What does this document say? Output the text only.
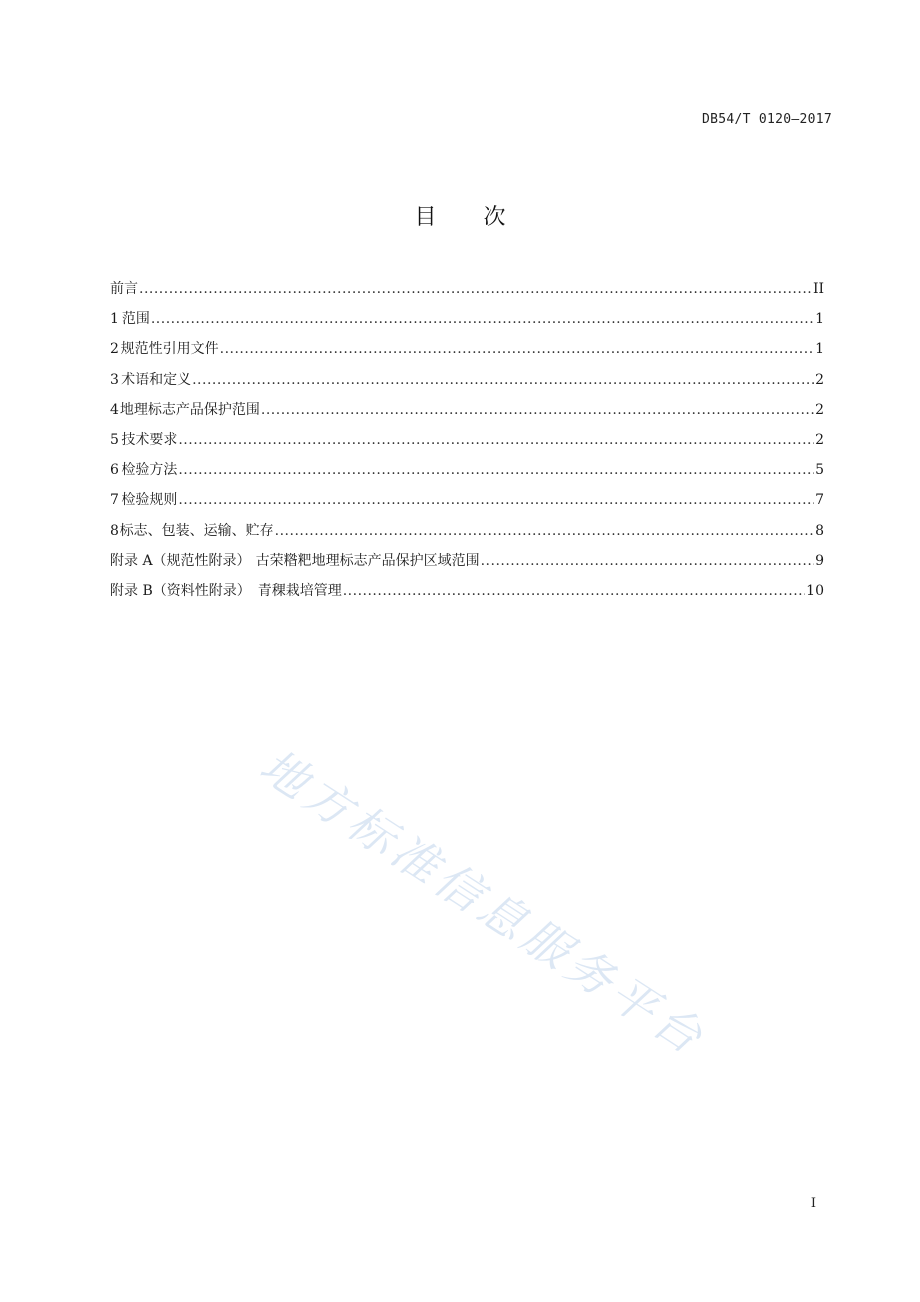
DB54/T 0120—2017
目 次
前言 .....	II
1 范围 .....	1
2 规范性引用文件 .....	1
3 术语和定义 .....	2
4 地理标志产品保护范围 .....	2
5 技术要求 .....	2
6 检验方法 .....	5
7 检验规则 .....	7
8 标志、包装、运输、贮存 .....	8
附录 A（规范性附录） 古荣糌粑地理标志产品保护区域范围 .....	9
附录 B（资料性附录） 青稞栽培管理 .....	10
地方标准信息服务平台
I
